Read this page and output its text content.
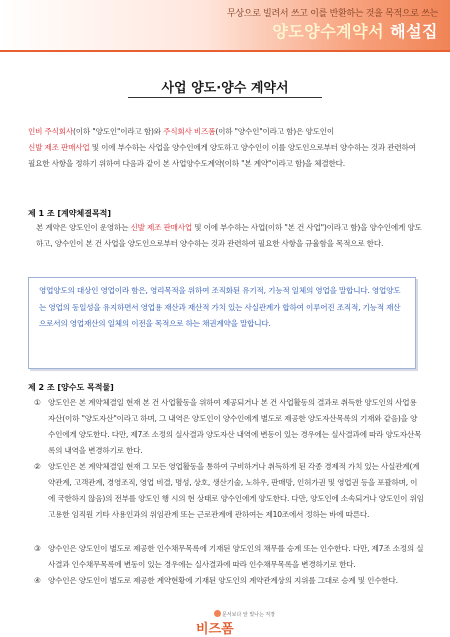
무상으로 빌려서 쓰고 이를 반환하는 것을 목적으로 쓰는
양도양수계약서 해설집
사업 양도·양수 계약서
인비 주식회사(이하 "양도인"이라고 함)와 주식회사 비즈폼(이하 "양수인"이라고 함)은 양도인이
신발 제조 판매사업 및 이에 부수하는 사업을 양수인에게 양도하고 양수인이 이를 양도인으로부터 양수하는 것과 관련하여 필요한 사항을 정하기 위하여 다음과 같이 본 사업양수도계약(이하 "본 계약"이라고 함)을 체결한다.
제 1 조 [계약체결목적]
본 계약은 양도인이 운영하는 신발 제조 판매사업 및 이에 부수하는 사업(이하 "본 건 사업")이라고 함)을 양수인에게 양도하고, 양수인이 본 건 사업을 양도인으로부터 양수하는 것과 관련하여 필요한 사항을 규율함을 목적으로 한다.
영업양도의 대상인 영업이라 함은, 영리목적을 위하여 조직화된 유기적, 기능적 일체의 영업을 말합니다. 영업양도는 영업의 동일성을 유지하면서 영업용 재산과 재산적 가치 있는 사실관계가 합하여 이루어진 조직적, 기능적 재산으로서의 영업재산의 일체의 이전을 목적으로 하는 채권계약을 말합니다.
제 2 조 [양수도 목적물]
① 양도인은 본 계약체결일 현재 본 건 사업활동을 위하여 제공되거나 본 건 사업활동의 결과로 취득한 양도인의 사업용 자산(이하 "양도자산"이라고 하며, 그 내역은 양도인이 양수인에게 별도로 제공한 양도자산목록의 기재와 같음)을 양수인에게 양도한다. 다만, 제7조 소정의 실사결과 양도자산 내역에 변동이 있는 경우에는 실사결과에 따라 양도자산목록의 내역을 변경하기로 한다.
② 양도인은 본 계약체결일 현재 그 모든 영업활동을 통하여 구비하거나 취득하게 된 각종 경제적 가치 있는 사실관계(계약관계, 고객관계, 경영조직, 영업 비결, 명성, 상호, 생산기술, 노하우, 판매망, 인허가권 및 영업권 등을 포괄하며, 이에 국한하지 않음)의 전부를 양도인 행 시의 현 상태로 양수인에게 양도한다. 다만, 양도인에 소속되거나 양도인이 위임 고용한 임직원 기타 사용인과의 위임관계 또는 근로관계에 관하여는 제10조에서 정하는 바에 따른다.
③ 양수인은 양도인이 별도로 제공한 인수채무목록에 기재된 양도인의 채무를 승계 또는 인수한다. 다만, 제7조 소정의 실사결과 인수채무목록에 변동이 있는 경우에는 실사결과에 따라 인수채무목록을 변경하기로 한다.
④ 양수인은 양도인이 별도로 제공한 계약현황에 기재된 양도인의 계약관계상의 지위를 그대로 승계 및 인수한다.
문서보다 앞 빛나는 직장
비즈폼
